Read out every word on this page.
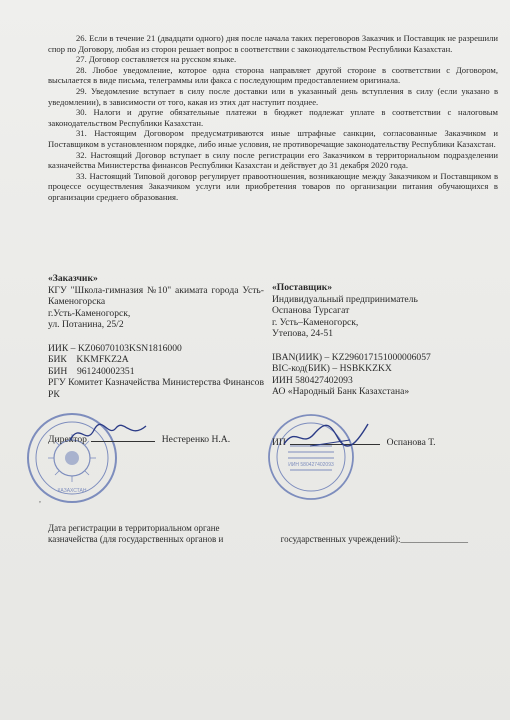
26. Если в течение 21 (двадцати одного) дня после начала таких переговоров Заказчик и Поставщик не разрешили спор по Договору, любая из сторон решает вопрос в соответствии с законодательством Республики Казахстан.

27. Договор составляется на русском языке.

28. Любое уведомление, которое одна сторона направляет другой стороне в соответствии с Договором, высылается в виде письма, телеграммы или факса с последующим предоставлением оригинала.

29. Уведомление вступает в силу после доставки или в указанный день вступления в силу (если указано в уведомлении), в зависимости от того, какая из этих дат наступит позднее.

30. Налоги и другие обязательные платежи в бюджет подлежат уплате в соответствии с налоговым законодательством Республики Казахстан.

31. Настоящим Договором предусматриваются иные штрафные санкции, согласованные Заказчиком и Поставщиком в установленном порядке, либо иные условия, не противоречащие законодательству Республики Казахстан.

32. Настоящий Договор вступает в силу после регистрации его Заказчиком в территориальном подразделении казначейства Министерства финансов Республики Казахстан и действует до 31 декабря 2020 года.

33. Настоящий Типовой договор регулирует правоотношения, возникающие между Заказчиком и Поставщиком в процессе осуществления Заказчиком услуги или приобретения товаров по организации питания обучающихся в организации среднего образования.

«Заказчик»
КГУ "Школа-гимназия №10" акимата города Усть-Каменогорска
г.Усть-Каменогорск,
ул. Потанина, 25/2
ИИК – KZ06070103KSN1816000
БИК    KKMFKZ2A
БИН    961240002351
РГУ Комитет Казначейства Министерства Финансов РК
«Поставщик»
Индивидуальный предприниматель
Оспанова Турсагат
г. Усть–Каменогорск,
Утепова, 24-51
IBAN(ИИК) – KZ296017151000006057
BIC-код(БИК) – HSBKKZKX
ИИН 580427402093
АО «Народный Банк Казахстана»
КАЗАХСТАН
Директор	Нестеренко Н.А.
ИИН 580427402093
ИП	Оспанова Т.
,
Дата регистрации в территориальном органе
казначейства (для государственных органов и	государственных учреждений):_______________
